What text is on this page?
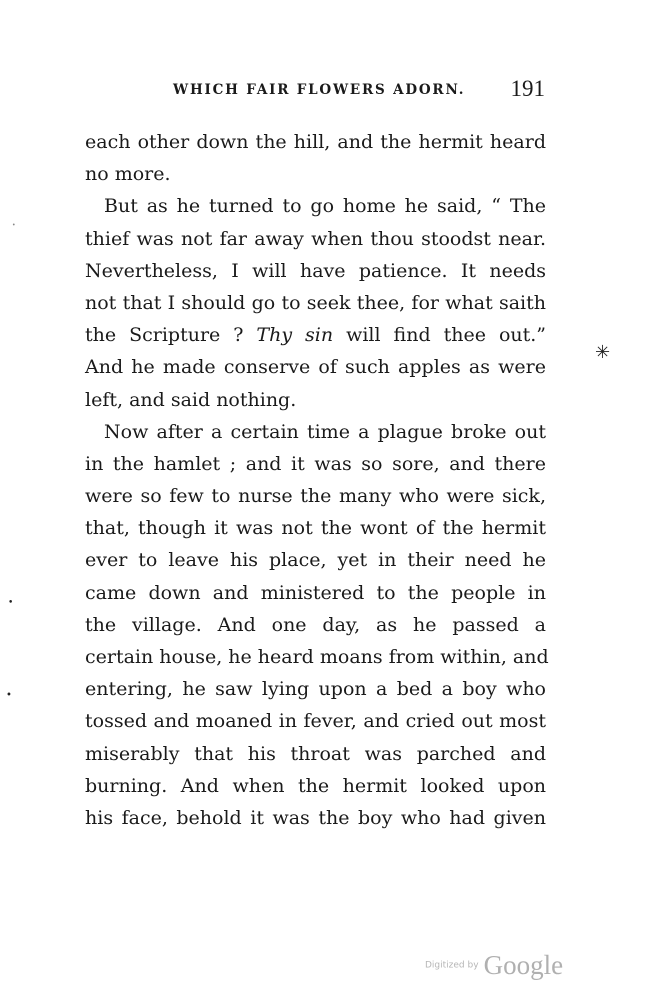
WHICH FAIR FLOWERS ADORN. 191
each other down the hill, and the hermit heard
no more.
But as he turned to go home he said, “ The
thief was not far away when thou stoodst near.
Nevertheless, I will have patience. It needs
not that I should go to seek thee, for what saith
the Scripture ? Thy sin will find thee out.”
And he made conserve of such apples as were
left, and said nothing.
Now after a certain time a plague broke out
in the hamlet ; and it was so sore, and there
were so few to nurse the many who were sick,
that, though it was not the wont of the hermit
ever to leave his place, yet in their need he
came down and ministered to the people in
the village. And one day, as he passed a
certain house, he heard moans from within, and
entering, he saw lying upon a bed a boy who
tossed and moaned in fever, and cried out most
miserably that his throat was parched and
burning. And when the hermit looked upon
his face, behold it was the boy who had given
✳
•
•
•
Digitized by Google
